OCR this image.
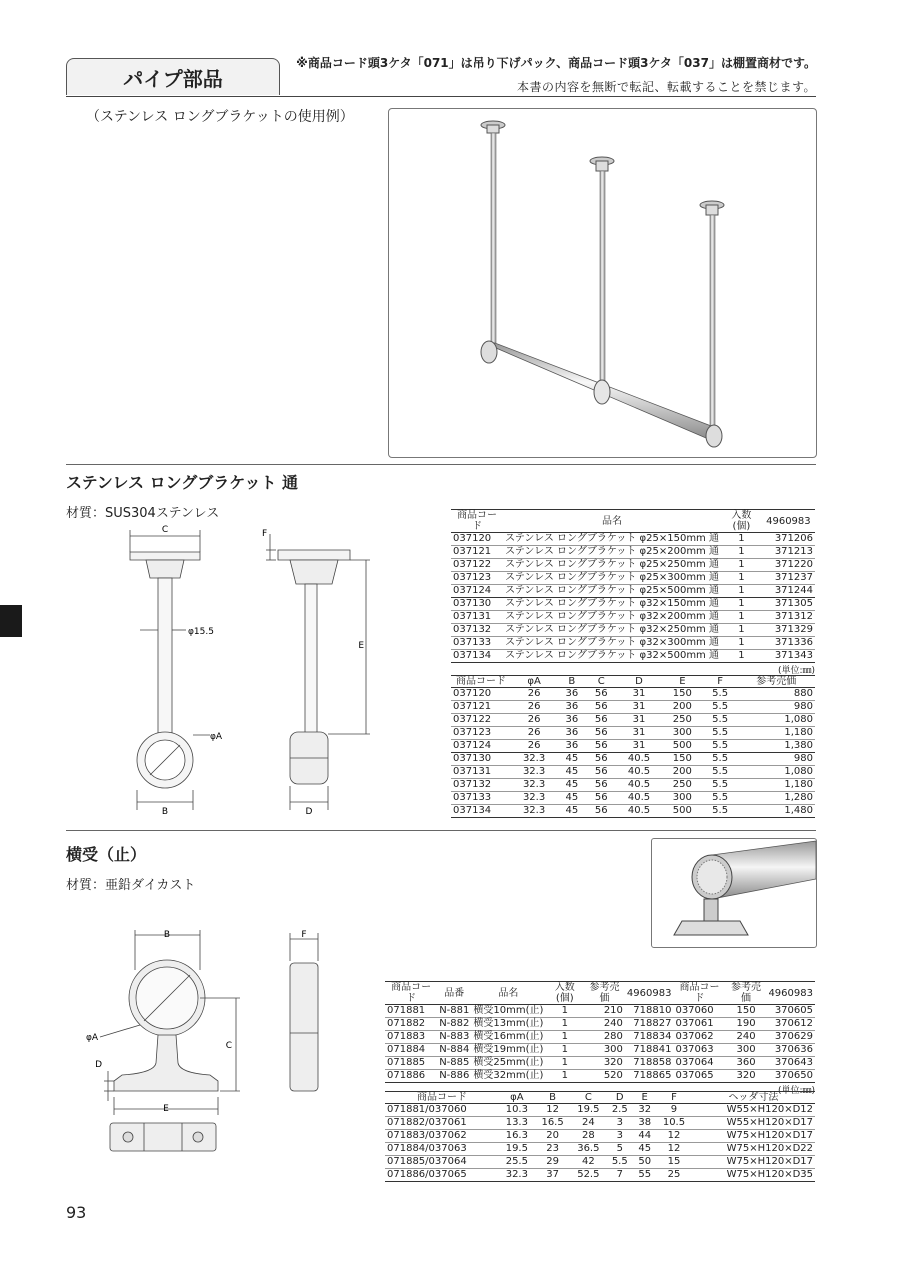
パイプ部品
※商品コード頭3ケタ「071」は吊り下げパック、商品コード頭3ケタ「037」は棚置商材です。
本書の内容を無断で転記、転載することを禁じます。
（ステンレス ロングブラケットの使用例）
ステンレス ロングブラケット 通
材質：SUS304ステンレス
C
φ15.5
φA
B
F
E
D
商品コード	品名	入数(個)	4960983
037120	ステンレス ロングブラケット φ25×150mm 通	1	371206
037121	ステンレス ロングブラケット φ25×200mm 通	1	371213
037122	ステンレス ロングブラケット φ25×250mm 通	1	371220
037123	ステンレス ロングブラケット φ25×300mm 通	1	371237
037124	ステンレス ロングブラケット φ25×500mm 通	1	371244
037130	ステンレス ロングブラケット φ32×150mm 通	1	371305
037131	ステンレス ロングブラケット φ32×200mm 通	1	371312
037132	ステンレス ロングブラケット φ32×250mm 通	1	371329
037133	ステンレス ロングブラケット φ32×300mm 通	1	371336
037134	ステンレス ロングブラケット φ32×500mm 通	1	371343
(単位:㎜)
商品コード	φA	B	C	D	E	F	参考売価
037120	26	36	56	31	150	5.5	880
037121	26	36	56	31	200	5.5	980
037122	26	36	56	31	250	5.5	1,080
037123	26	36	56	31	300	5.5	1,180
037124	26	36	56	31	500	5.5	1,380
037130	32.3	45	56	40.5	150	5.5	980
037131	32.3	45	56	40.5	200	5.5	1,080
037132	32.3	45	56	40.5	250	5.5	1,180
037133	32.3	45	56	40.5	300	5.5	1,280
037134	32.3	45	56	40.5	500	5.5	1,480
横受（止）
材質：亜鉛ダイカスト
B	F
φA
C
D
E
商品コード	品番	品名	入数(個)	参考売価	4960983	商品コード	参考売価	4960983
071881	N-881	横受10mm(止)	1	210	718810	037060	150	370605
071882	N-882	横受13mm(止)	1	240	718827	037061	190	370612
071883	N-883	横受16mm(止)	1	280	718834	037062	240	370629
071884	N-884	横受19mm(止)	1	300	718841	037063	300	370636
071885	N-885	横受25mm(止)	1	320	718858	037064	360	370643
071886	N-886	横受32mm(止)	1	520	718865	037065	320	370650
(単位:㎜)
商品コード	φA	B	C	D	E	F	ヘッダ寸法
071881/037060	10.3	12	19.5	2.5	32	9	W55×H120×D12
071882/037061	13.3	16.5	24	3	38	10.5	W55×H120×D17
071883/037062	16.3	20	28	3	44	12	W75×H120×D17
071884/037063	19.5	23	36.5	5	45	12	W75×H120×D22
071885/037064	25.5	29	42	5.5	50	15	W75×H120×D17
071886/037065	32.3	37	52.5	7	55	25	W75×H120×D35
93
